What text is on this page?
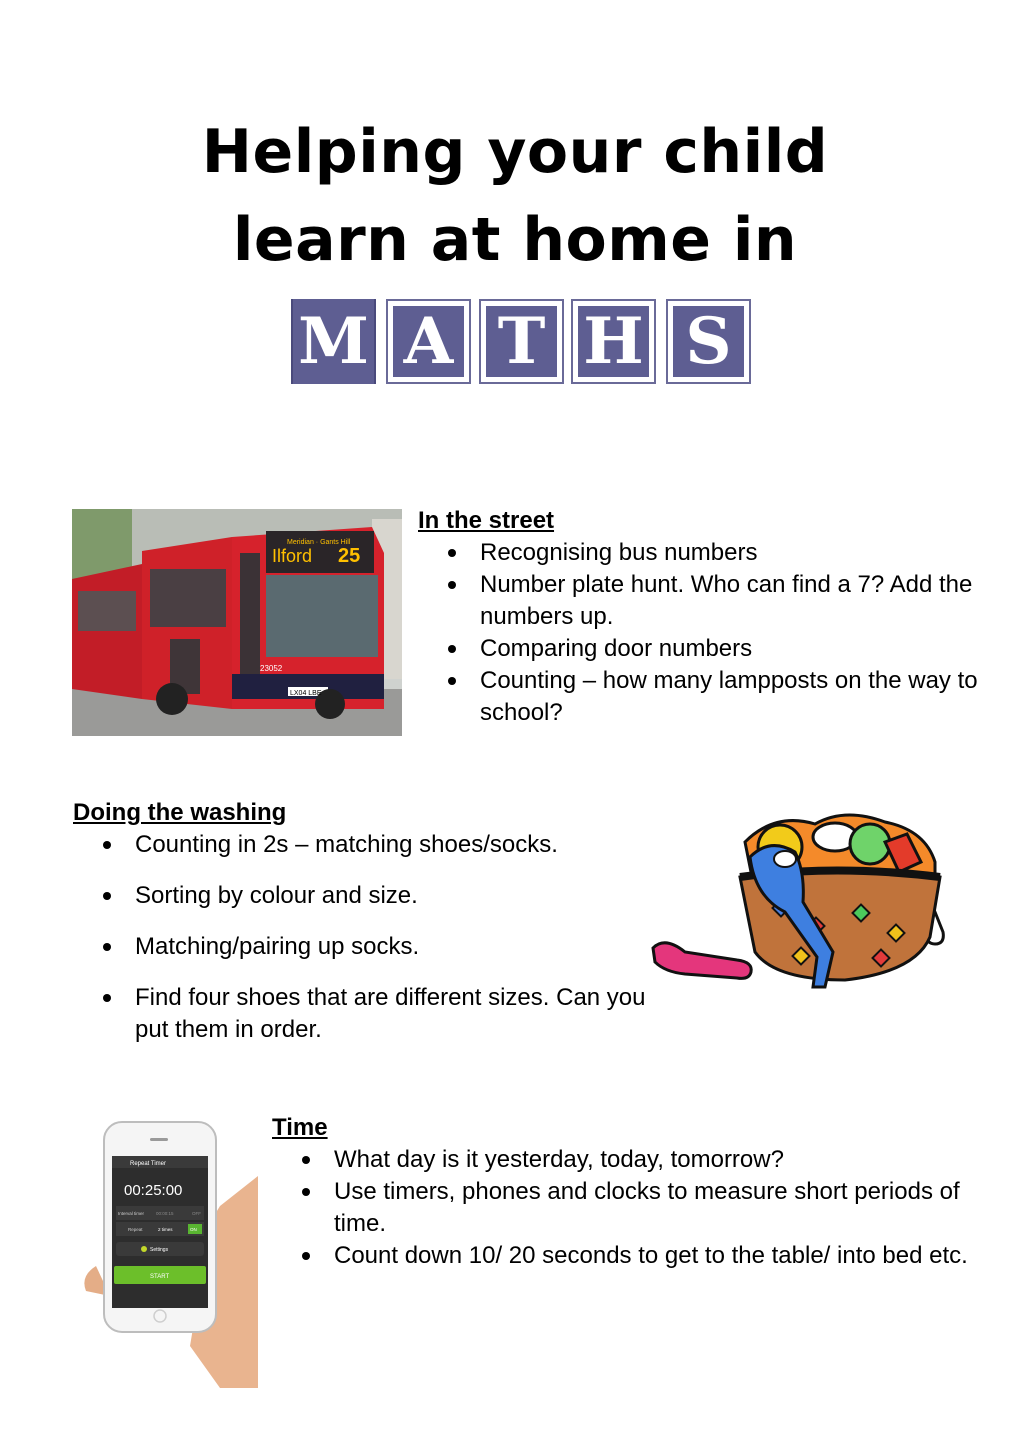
Helping your child
learn at home in
M A T H S
Meridian · Gants Hill
Ilford 25
23052
LX04 LBE
In the street
Recognising bus numbers
Number plate hunt. Who can find a 7? Add the numbers up.
Comparing door numbers
Counting – how many lampposts on the way to school?
Doing the washing
Counting in 2s – matching shoes/socks.
Sorting by colour and size.
Matching/pairing up socks.
Find four shoes that are different sizes. Can you put them in order.
Repeat Timer
00:25:00
Interval timer	00:00:15	OFF
Repeat	2 times	ON
Settings
START
Time
What day is it yesterday, today, tomorrow?
Use timers, phones and clocks to measure short periods of time.
Count down 10/ 20 seconds to get to the table/ into bed etc.
